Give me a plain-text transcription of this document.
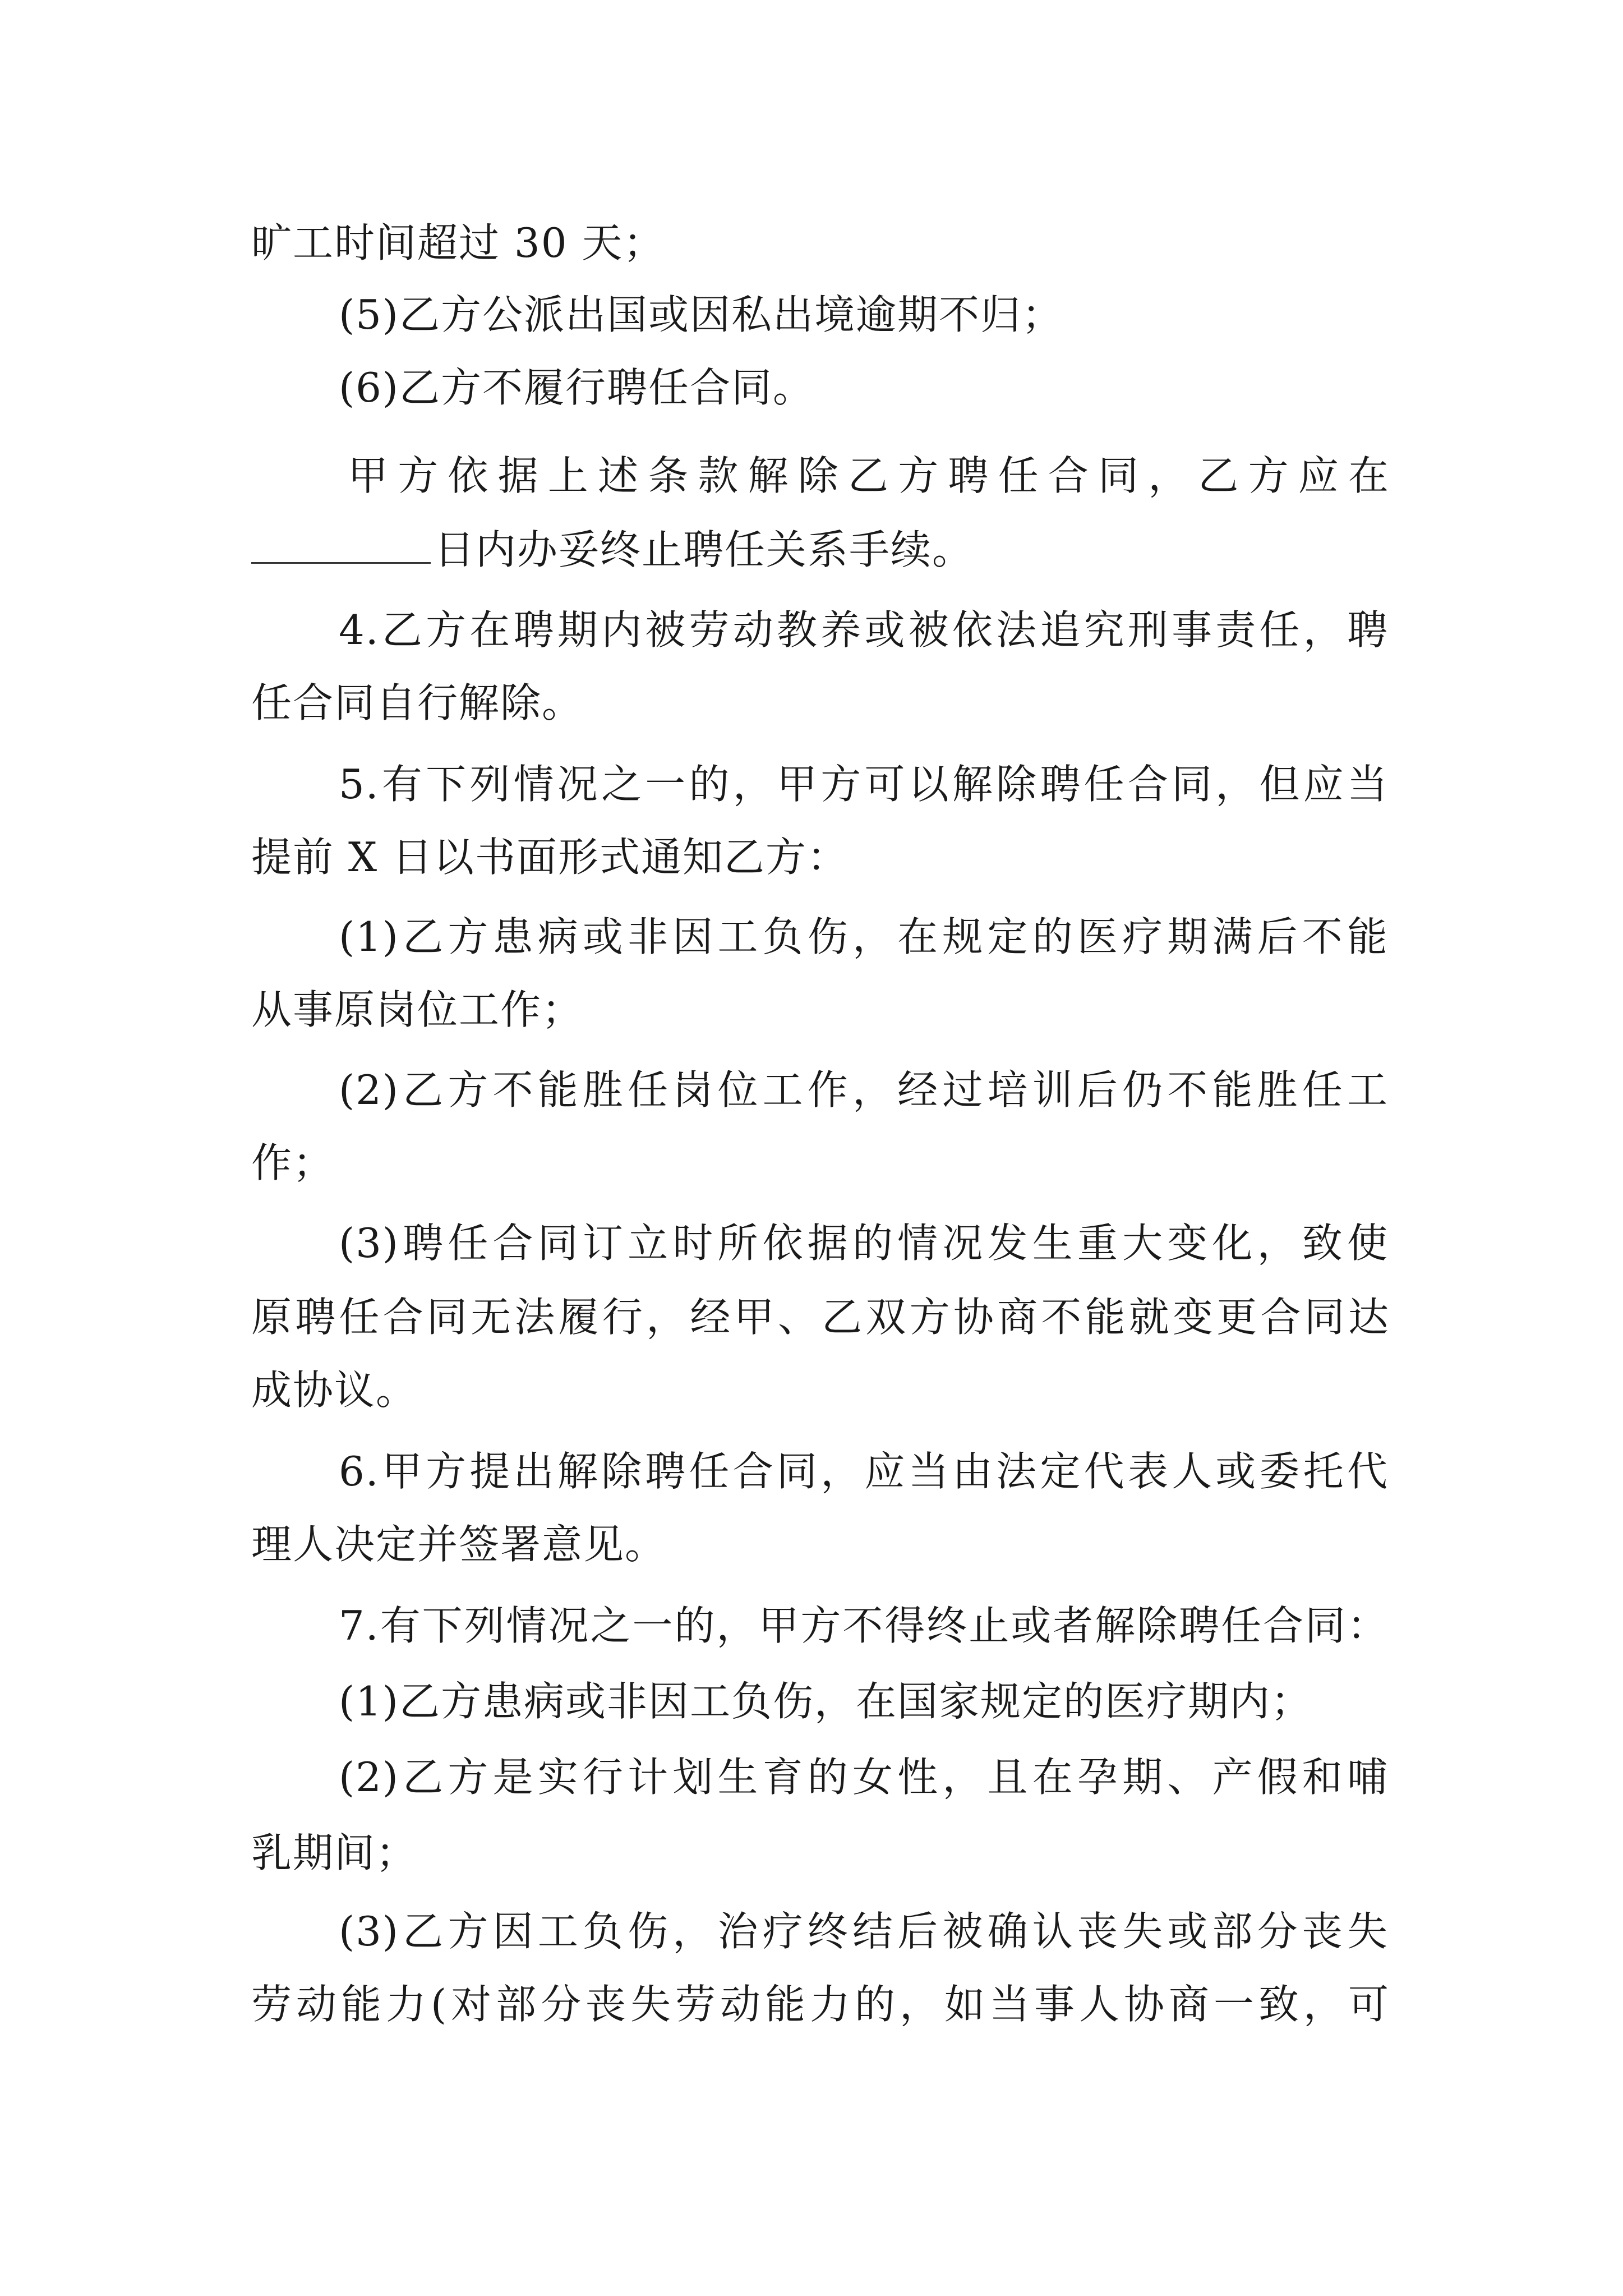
旷工时间超过 30 天；
(5)乙方公派出国或因私出境逾期不归；
(6)乙方不履行聘任合同。
甲方依据上述条款解除乙方聘任合同，乙方应在
日内办妥终止聘任关系手续。
4.乙方在聘期内被劳动教养或被依法追究刑事责任，聘
任合同自行解除。
5.有下列情况之一的，甲方可以解除聘任合同，但应当
提前 X 日以书面形式通知乙方：
(1)乙方患病或非因工负伤，在规定的医疗期满后不能
从事原岗位工作；
(2)乙方不能胜任岗位工作，经过培训后仍不能胜任工
作；
(3)聘任合同订立时所依据的情况发生重大变化，致使
原聘任合同无法履行，经甲、乙双方协商不能就变更合同达
成协议。
6.甲方提出解除聘任合同，应当由法定代表人或委托代
理人决定并签署意见。
7.有下列情况之一的，甲方不得终止或者解除聘任合同：
(1)乙方患病或非因工负伤，在国家规定的医疗期内；
(2)乙方是实行计划生育的女性，且在孕期、产假和哺
乳期间；
(3)乙方因工负伤，治疗终结后被确认丧失或部分丧失
劳动能力(对部分丧失劳动能力的，如当事人协商一致，可
